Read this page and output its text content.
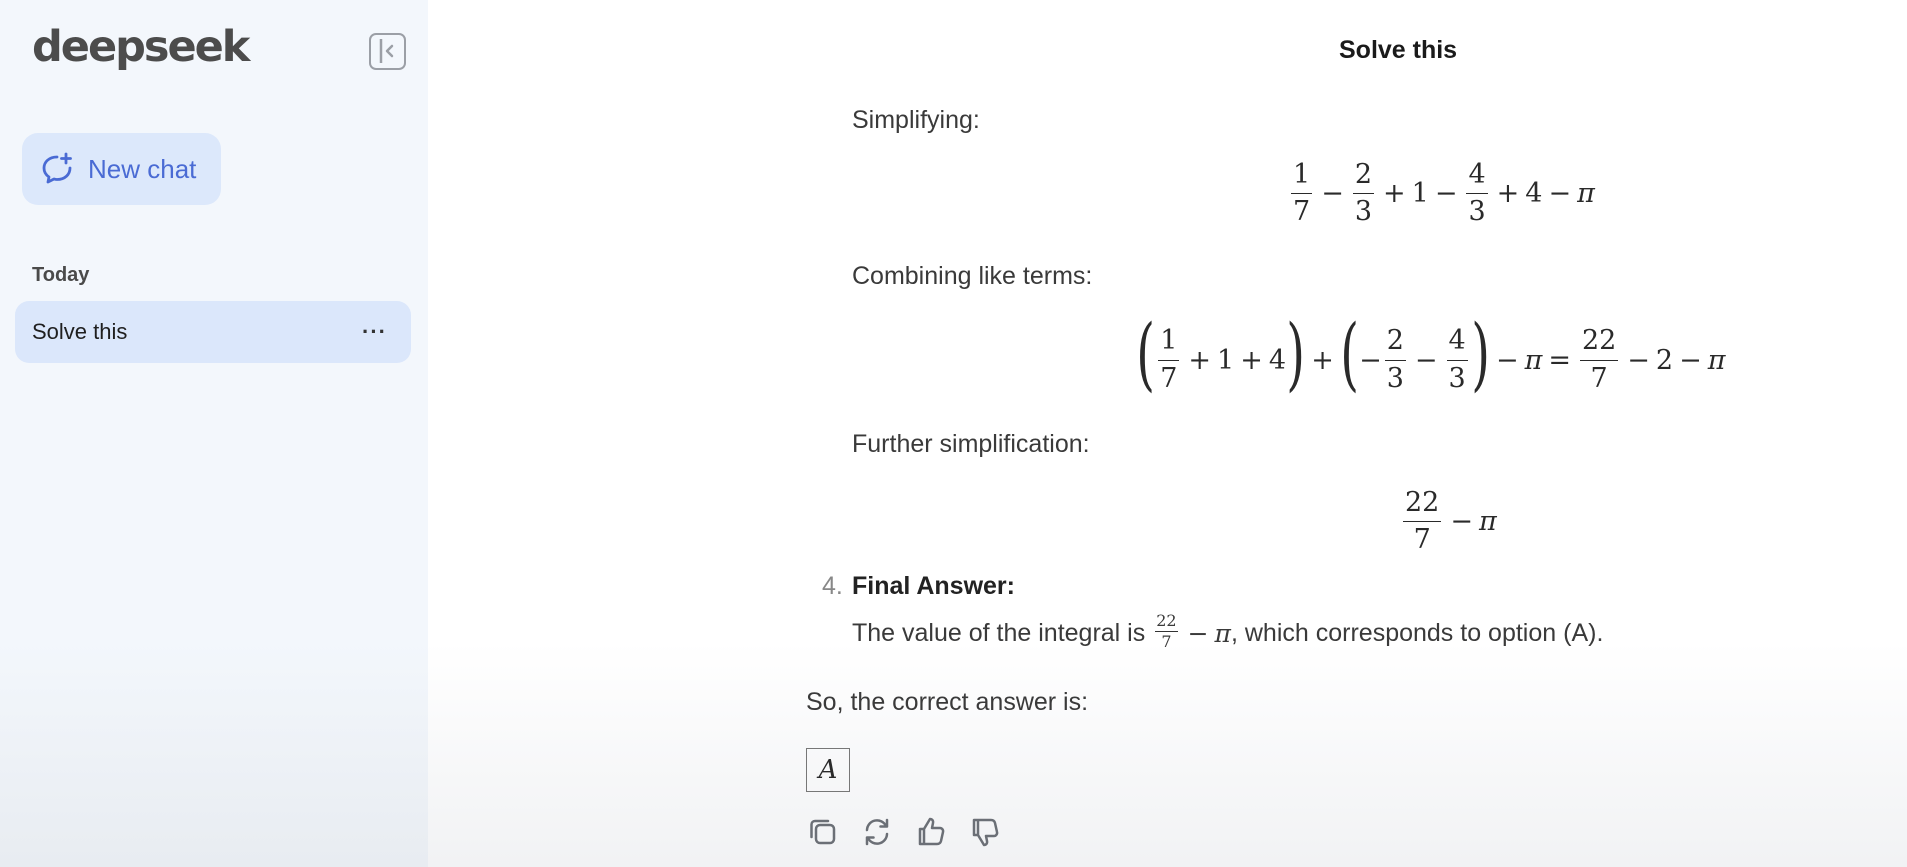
deepseek
New chat
Today
Solve this	···
Solve this
Simplifying:
$\frac{1}{7} - \frac{2}{3} + 1 - \frac{4}{3} + 4 - \pi$
Combining like terms:
( $\frac{1}{7} + 1 + 4$ ) + ( − $\frac{2}{3} - \frac{4}{3}$ ) − $\pi = \frac{22}{7} - 2 - \pi$
Further simplification:
$\frac{22}{7} - \pi$
4. Final Answer:
The value of the integral is $\frac{22}{7} - \pi$ , which corresponds to option (A).
So, the correct answer is:
A
